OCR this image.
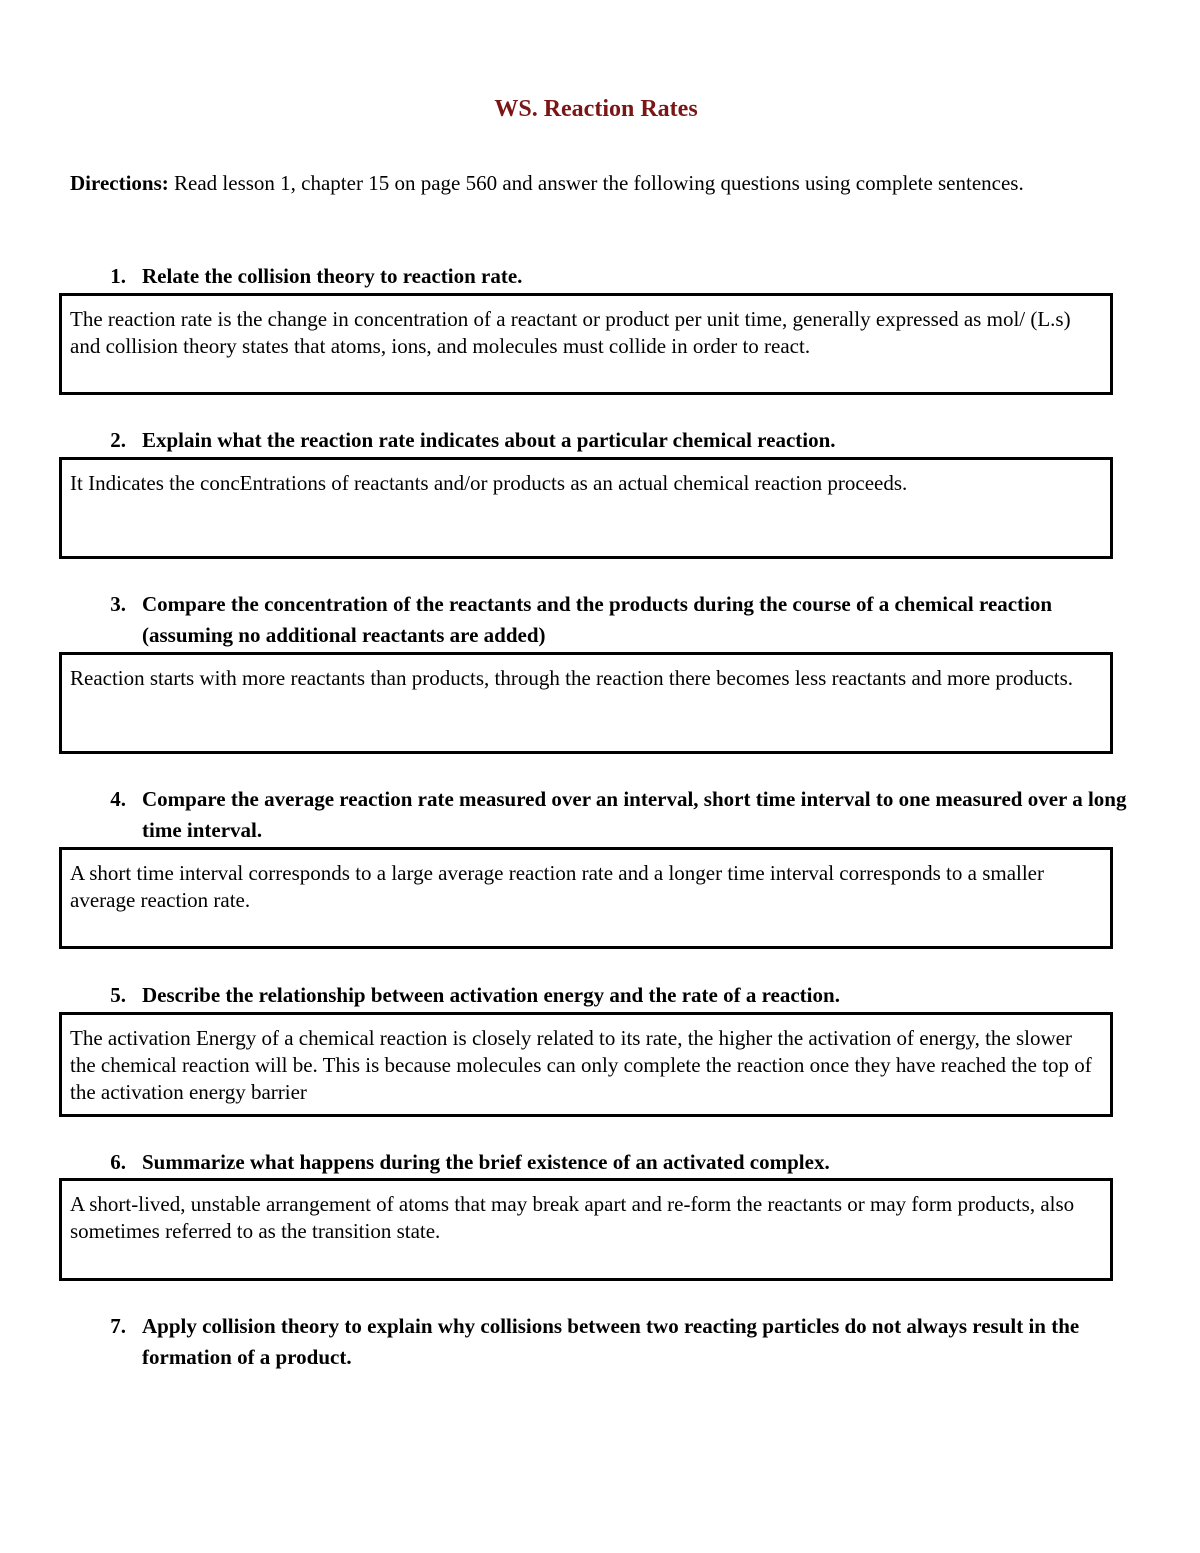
WS. Reaction Rates
Directions: Read lesson 1, chapter 15 on page 560 and answer the following questions using complete sentences.
1. Relate the collision theory to reaction rate.
The reaction rate is the change in concentration of a reactant or product per unit time, generally expressed as mol/ (L.s) and collision theory states that atoms, ions, and molecules must collide in order to react.
2. Explain what the reaction rate indicates about a particular chemical reaction.
It Indicates the concEntrations of reactants and/or products as an actual chemical reaction proceeds.
3. Compare the concentration of the reactants and the products during the course of a chemical reaction (assuming no additional reactants are added)
Reaction starts with more reactants than products, through the reaction there becomes less reactants and more products.
4. Compare the average reaction rate measured over an interval, short time interval to one measured over a long time interval.
A short time interval corresponds to a large average reaction rate and a longer time interval corresponds to a smaller average reaction rate.
5. Describe the relationship between activation energy and the rate of a reaction.
The activation Energy of a chemical reaction is closely related to its rate, the higher the activation of energy, the slower the chemical reaction will be. This is because molecules can only complete the reaction once they have reached the top of the activation energy barrier
6. Summarize what happens during the brief existence of an activated complex.
A short-lived, unstable arrangement of atoms that may break apart and re-form the reactants or may form products, also sometimes referred to as the transition state.
7. Apply collision theory to explain why collisions between two reacting particles do not always result in the formation of a product.
